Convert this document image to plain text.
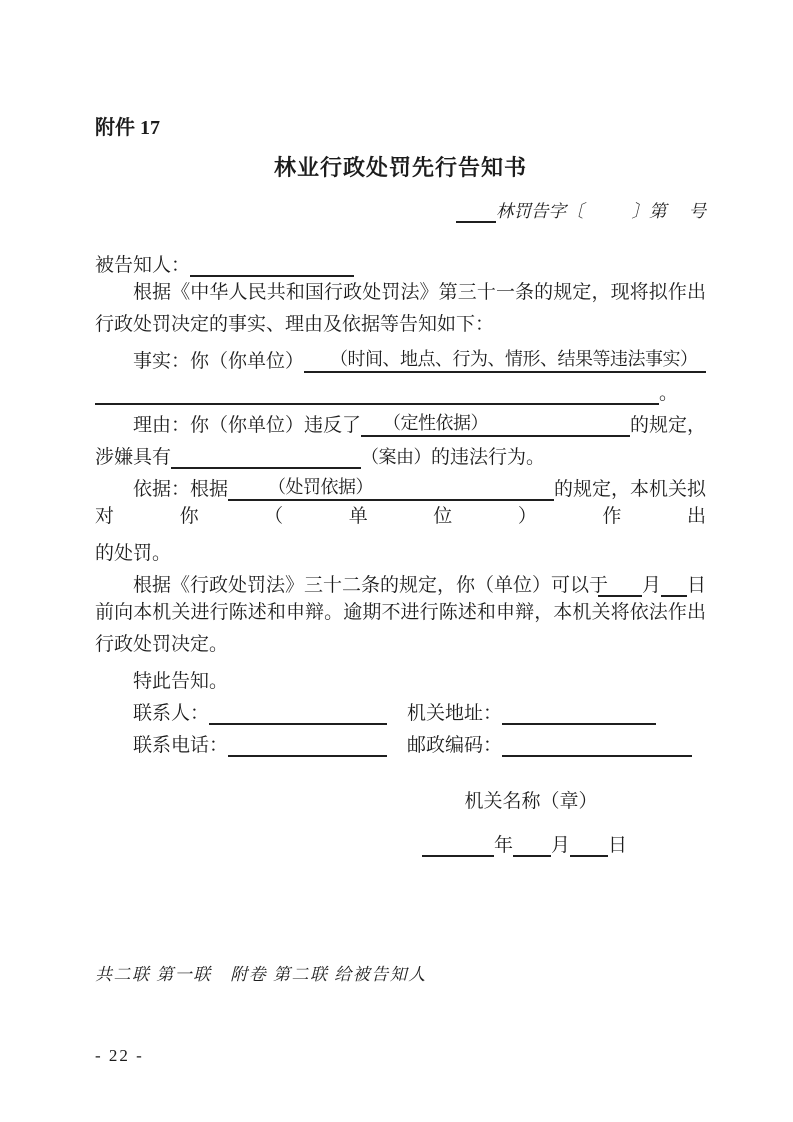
附件 17
林业行政处罚先行告知书
林罚告字〔	〕第 号
被告知人：
根据《中华人民共和国行政处罚法》第三十一条的规定，现将拟作出行政处罚决定的事实、理由及依据等告知如下：
事实：你（你单位）	（时间、地点、行为、情形、结果等违法事实）
。
理由：你（你单位）违反了	（定性依据）	的规定，
涉嫌具有	（案由） 的违法行为。
依据：根据	（处罚依据）	的规定，本机关拟
对 你 （ 单 位 ） 作 出
的处罚。
根据《行政处罚法》三十二条的规定，你（单位）可以于 月 日
前向本机关进行陈述和申辩。逾期不进行陈述和申辩，本机关将依法作出行政处罚决定。
特此告知。
联系人：	机关地址：
联系电话：	邮政编码：
机关名称（章）
年 月 日
共二联 第一联　附卷 第二联 给被告知人
- 22 -
